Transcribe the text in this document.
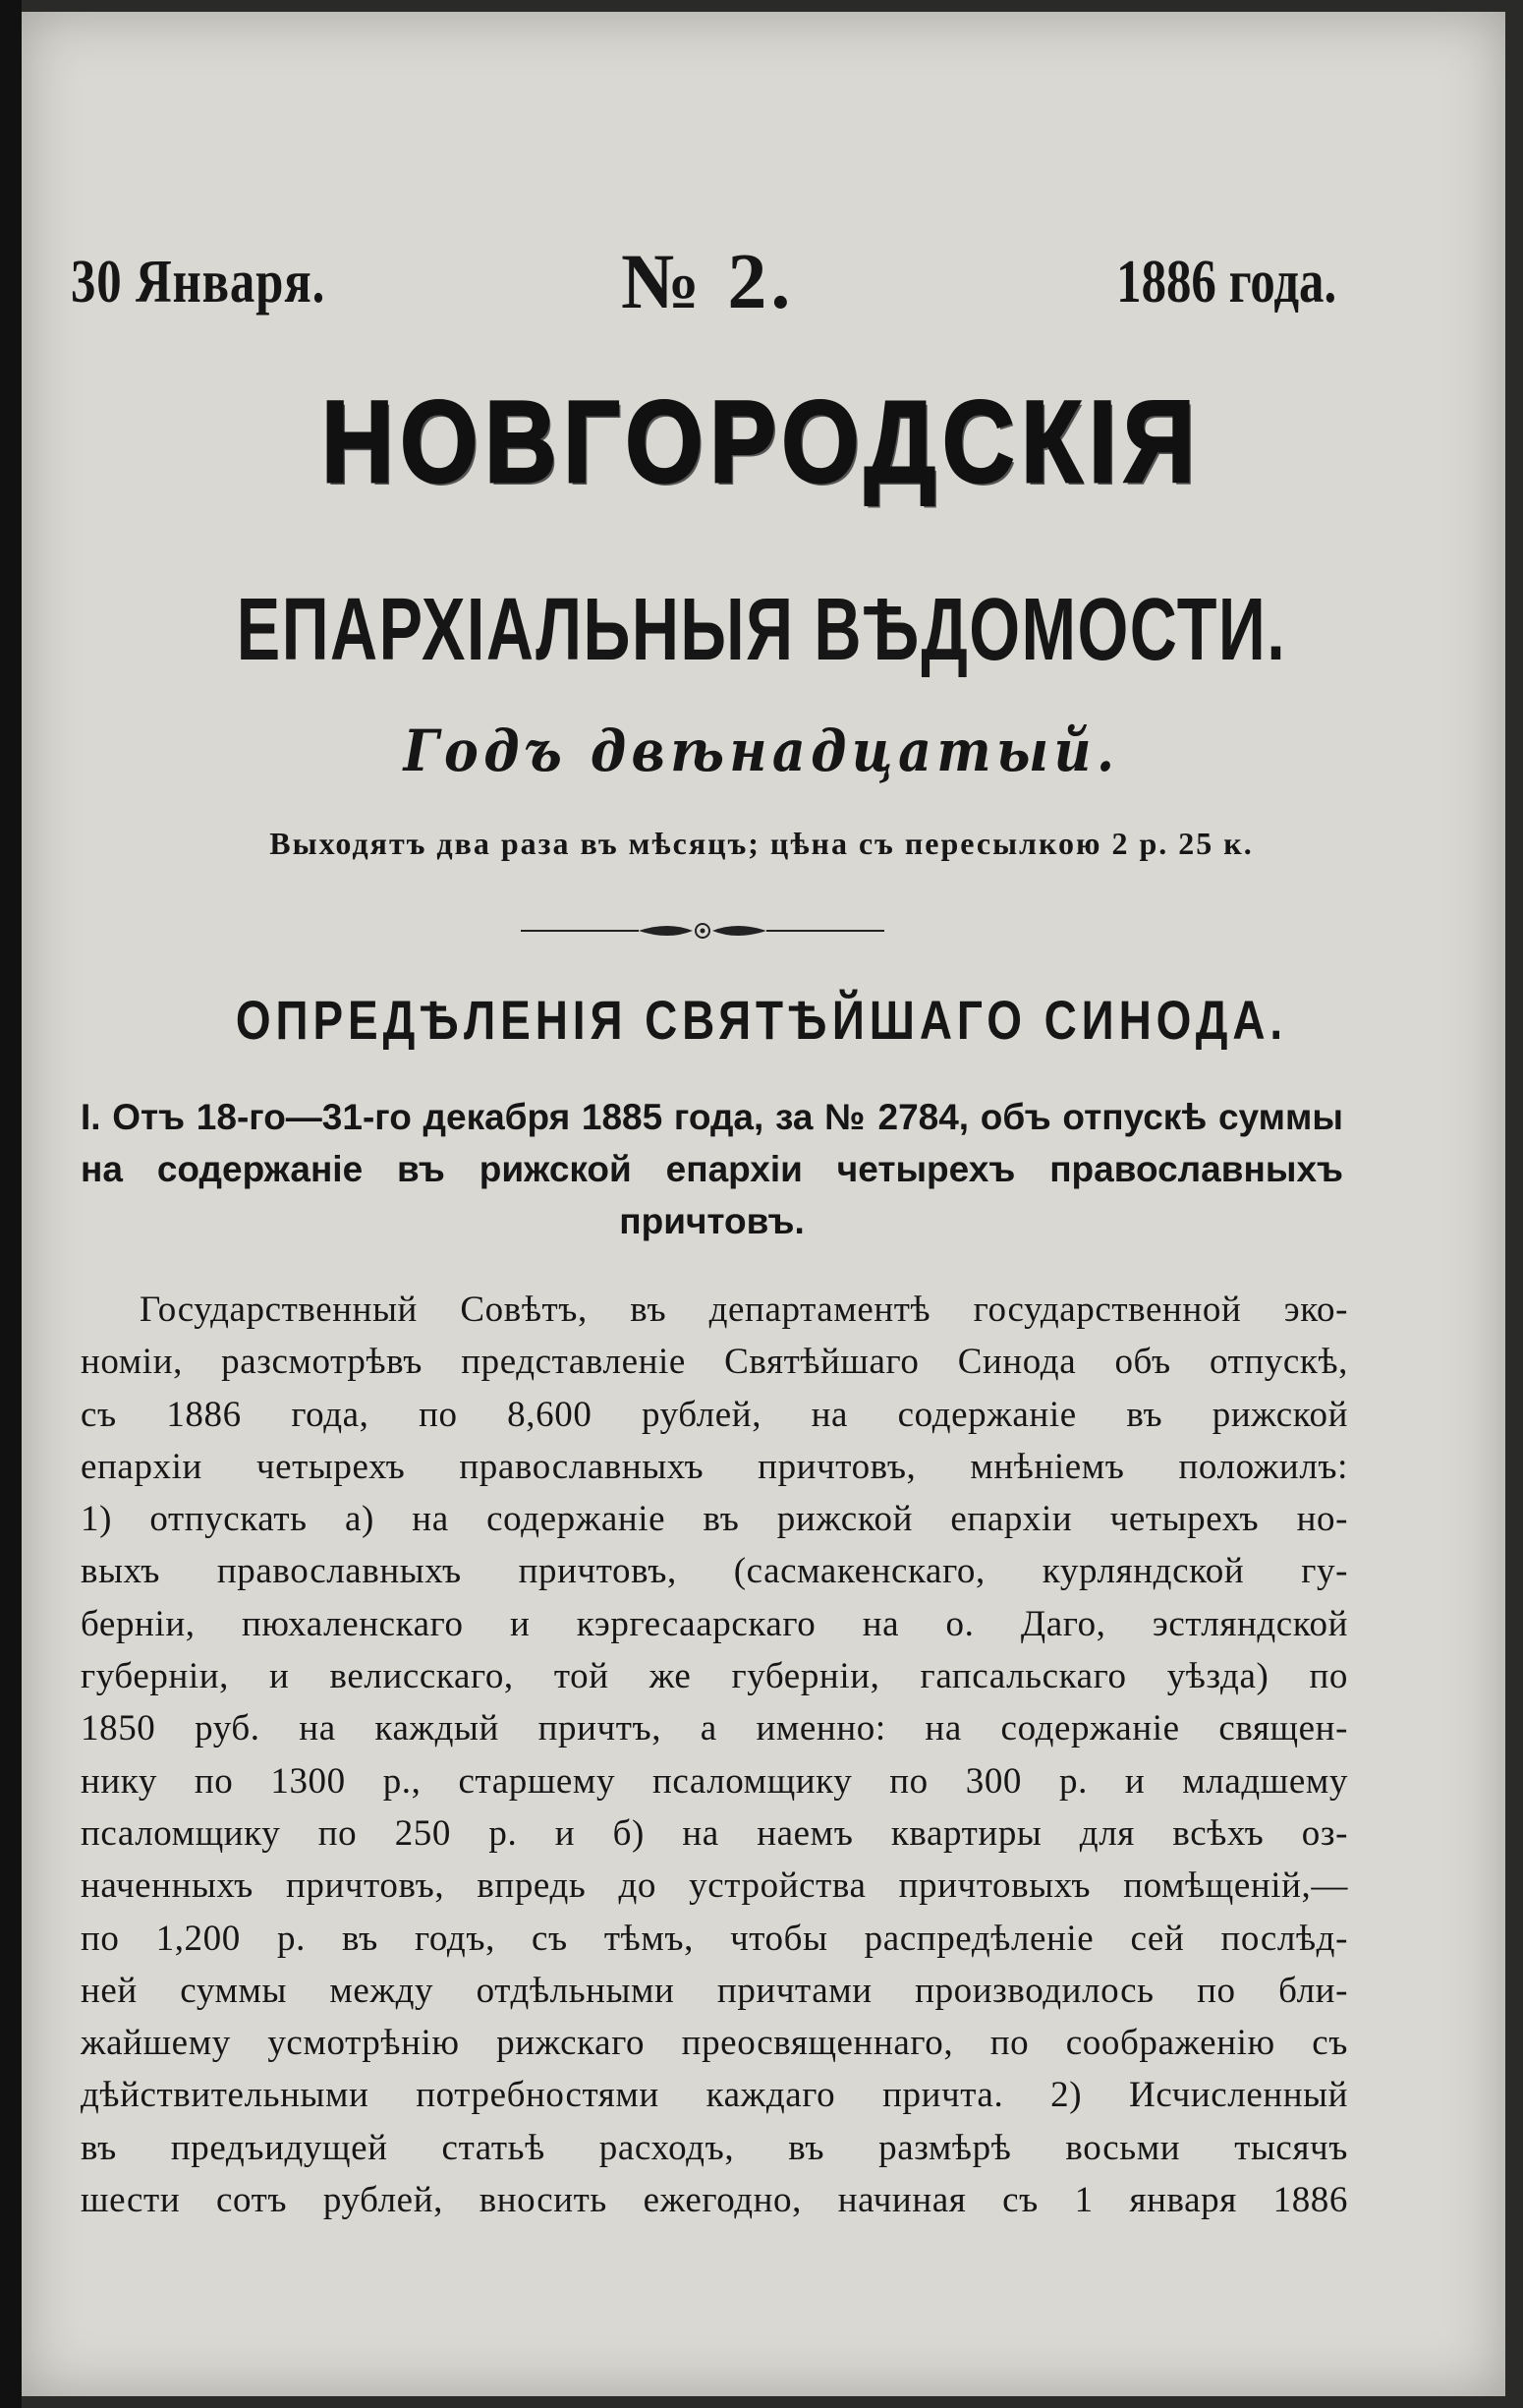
30 Января.	№ 2.	1886 года.
НОВГОРОДСКІЯ
ЕПАРХІАЛЬНЫЯ ВѢДОМОСТИ.
Годъ двѣнадцатый.
Выходятъ два раза въ мѣсяцъ; цѣна съ пересылкою 2 р. 25 к.
ОПРЕДѢЛЕНІЯ СВЯТѢЙШАГО СИНОДА.
I. Отъ 18-го—31-го декабря 1885 года, за № 2784, объ отпускѣ суммы на содержаніе въ рижской епархіи четырехъ православныхъ причтовъ.
Государственный Совѣтъ, въ департаментѣ государственной эко-
номіи, разсмотрѣвъ представленіе Святѣйшаго Синода объ отпускѣ,
съ 1886 года, по 8,600 рублей, на содержаніе въ рижской
епархіи четырехъ православныхъ причтовъ, мнѣніемъ положилъ:
1) отпускать а) на содержаніе въ рижской епархіи четырехъ но-
выхъ православныхъ причтовъ, (сасмакенскаго, курляндской гу-
берніи, пюхаленскаго и кэргесаарскаго на о. Даго, эстляндской
губерніи, и велисскаго, той же губерніи, гапсальскаго уѣзда) по
1850 руб. на каждый причтъ, а именно: на содержаніе священ-
нику по 1300 р., старшему псаломщику по 300 р. и младшему
псаломщику по 250 р. и б) на наемъ квартиры для всѣхъ оз-
наченныхъ причтовъ, впредь до устройства причтовыхъ помѣщеній,—
по 1,200 р. въ годъ, съ тѣмъ, чтобы распредѣленіе сей послѣд-
ней суммы между отдѣльными причтами производилось по бли-
жайшему усмотрѣнію рижскаго преосвященнаго, по соображенію съ
дѣйствительными потребностями каждаго причта. 2) Исчисленный
въ предъидущей статьѣ расходъ, въ размѣрѣ восьми тысячъ
шести сотъ рублей, вносить ежегодно, начиная съ 1 января 1886
